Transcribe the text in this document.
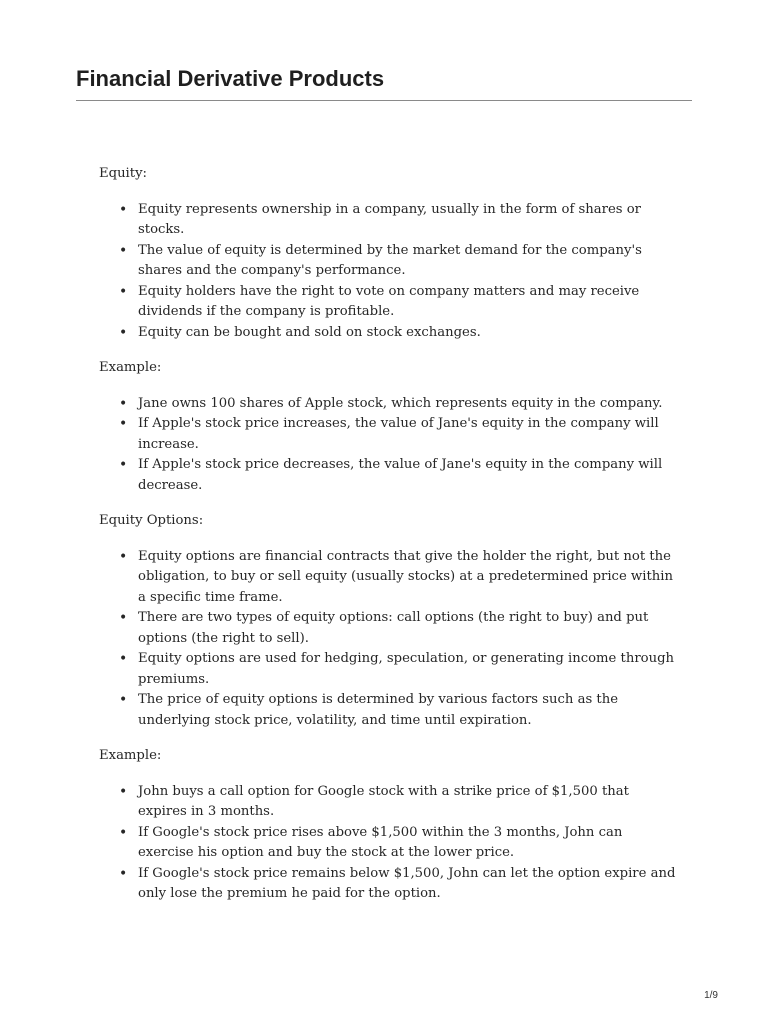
Financial Derivative Products

Equity:

• Equity represents ownership in a company, usually in the form of shares or stocks.
• The value of equity is determined by the market demand for the company's shares and the company's performance.
• Equity holders have the right to vote on company matters and may receive dividends if the company is profitable.
• Equity can be bought and sold on stock exchanges.

Example:

• Jane owns 100 shares of Apple stock, which represents equity in the company.
• If Apple's stock price increases, the value of Jane's equity in the company will increase.
• If Apple's stock price decreases, the value of Jane's equity in the company will decrease.

Equity Options:

• Equity options are financial contracts that give the holder the right, but not the obligation, to buy or sell equity (usually stocks) at a predetermined price within a specific time frame.
• There are two types of equity options: call options (the right to buy) and put options (the right to sell).
• Equity options are used for hedging, speculation, or generating income through premiums.
• The price of equity options is determined by various factors such as the underlying stock price, volatility, and time until expiration.

Example:

• John buys a call option for Google stock with a strike price of $1,500 that expires in 3 months.
• If Google's stock price rises above $1,500 within the 3 months, John can exercise his option and buy the stock at the lower price.
• If Google's stock price remains below $1,500, John can let the option expire and only lose the premium he paid for the option.
1/9
